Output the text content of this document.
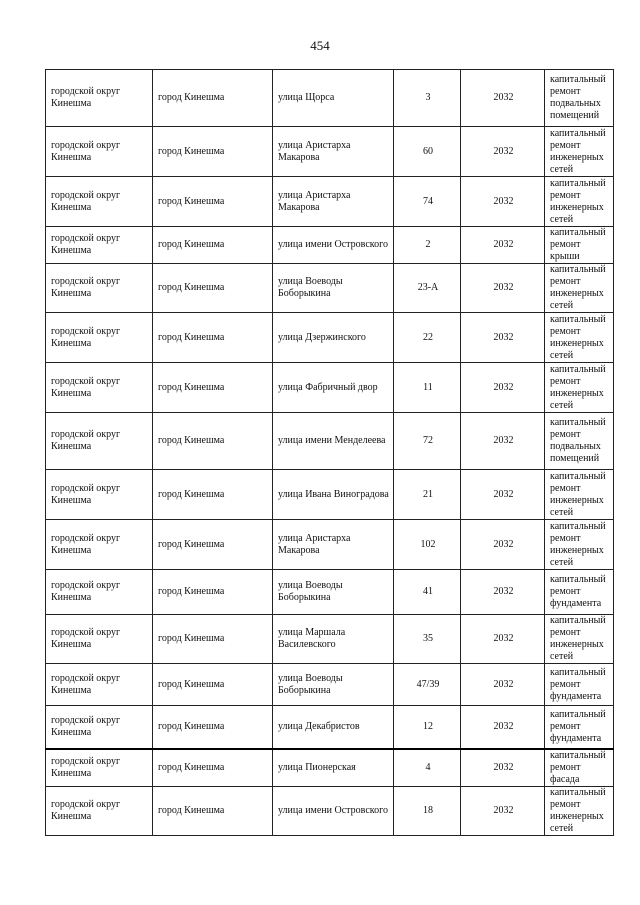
454
городской округ Кинешма	город Кинешма	улица Щорса	3	2032	капитальный ремонт подвальных помещений
городской округ Кинешма	город Кинешма	улица Аристарха Макарова	60	2032	капитальный ремонт инженерных сетей
городской округ Кинешма	город Кинешма	улица Аристарха Макарова	74	2032	капитальный ремонт инженерных сетей
городской округ Кинешма	город Кинешма	улица имени Островского	2	2032	капитальный ремонт крыши
городской округ Кинешма	город Кинешма	улица Воеводы Боборыкина	23-А	2032	капитальный ремонт инженерных сетей
городской округ Кинешма	город Кинешма	улица Дзержинского	22	2032	капитальный ремонт инженерных сетей
городской округ Кинешма	город Кинешма	улица Фабричный двор	11	2032	капитальный ремонт инженерных сетей
городской округ Кинешма	город Кинешма	улица имени Менделеева	72	2032	капитальный ремонт подвальных помещений
городской округ Кинешма	город Кинешма	улица Ивана Виноградова	21	2032	капитальный ремонт инженерных сетей
городской округ Кинешма	город Кинешма	улица Аристарха Макарова	102	2032	капитальный ремонт инженерных сетей
городской округ Кинешма	город Кинешма	улица Воеводы Боборыкина	41	2032	капитальный ремонт фундамента
городской округ Кинешма	город Кинешма	улица Маршала Василевского	35	2032	капитальный ремонт инженерных сетей
городской округ Кинешма	город Кинешма	улица Воеводы Боборыкина	47/39	2032	капитальный ремонт фундамента
городской округ Кинешма	город Кинешма	улица Декабристов	12	2032	капитальный ремонт фундамента
городской округ Кинешма	город Кинешма	улица Пионерская	4	2032	капитальный ремонт фасада
городской округ Кинешма	город Кинешма	улица имени Островского	18	2032	капитальный ремонт инженерных сетей
